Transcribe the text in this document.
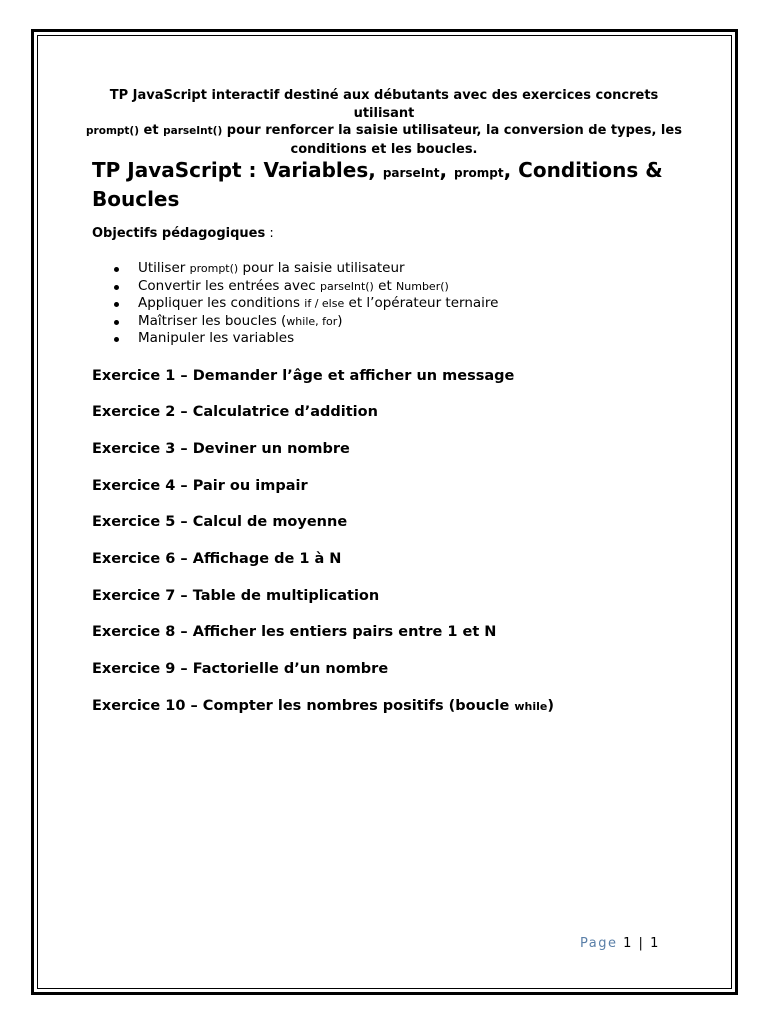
TP JavaScript interactif destiné aux débutants avec des exercices concrets utilisant
prompt() et parseInt() pour renforcer la saisie utilisateur, la conversion de types, les conditions et les boucles.
TP JavaScript : Variables, parseInt, prompt, Conditions & Boucles
Objectifs pédagogiques :
Utiliser prompt() pour la saisie utilisateur
Convertir les entrées avec parseInt() et Number()
Appliquer les conditions if / else et l’opérateur ternaire
Maîtriser les boucles (while, for)
Manipuler les variables
Exercice 1 – Demander l’âge et afficher un message
Exercice 2 – Calculatrice d’addition
Exercice 3 – Deviner un nombre
Exercice 4 – Pair ou impair
Exercice 5 – Calcul de moyenne
Exercice 6 – Affichage de 1 à N
Exercice 7 – Table de multiplication
Exercice 8 – Afficher les entiers pairs entre 1 et N
Exercice 9 – Factorielle d’un nombre
Exercice 10 – Compter les nombres positifs (boucle while)
Page 1 | 1
